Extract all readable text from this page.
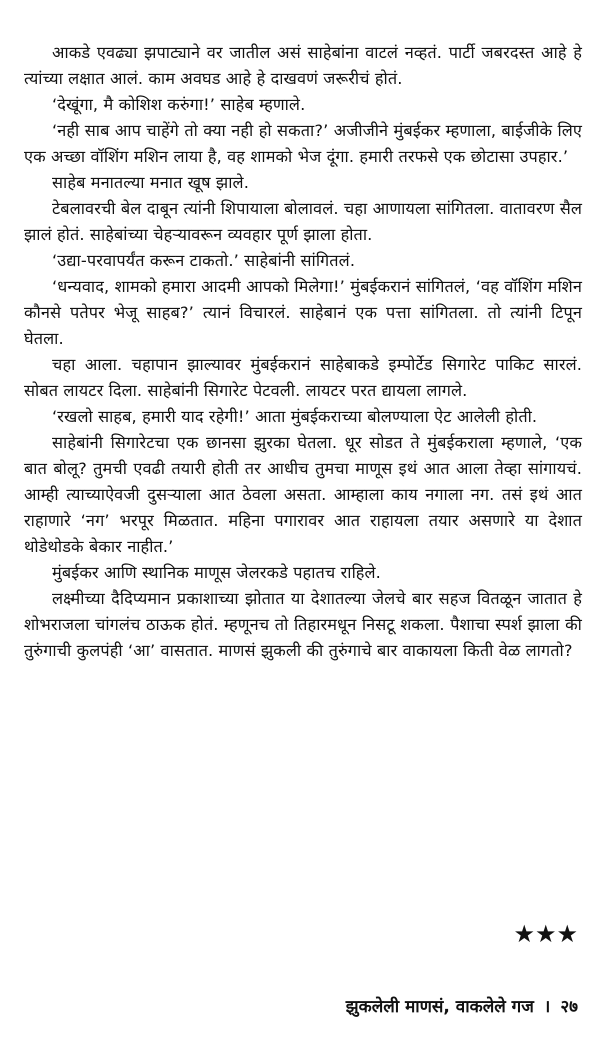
आकडे एवढ्या झपाट्याने वर जातील असं साहेबांना वाटलं नव्हतं. पार्टी जबरदस्त आहे हे त्यांच्या लक्षात आलं. काम अवघड आहे हे दाखवणं जरूरीचं होतं.

‘देखूंगा, मै कोशिश करुंगा!’ साहेब म्हणाले.

‘नही साब आप चाहेंगे तो क्या नही हो सकता?’ अजीजीने मुंबईकर म्हणाला, बाईजीके लिए एक अच्छा वॉशिंग मशिन लाया है, वह शामको भेज दूंगा. हमारी तरफसे एक छोटासा उपहार.’

साहेब मनातल्या मनात खूष झाले.

टेबलावरची बेल दाबून त्यांनी शिपायाला बोलावलं. चहा आणायला सांगितला. वातावरण सैल झालं होतं. साहेबांच्या चेहऱ्यावरून व्यवहार पूर्ण झाला होता.

‘उद्या-परवापर्यंत करून टाकतो.’ साहेबांनी सांगितलं.

‘धन्यवाद, शामको हमारा आदमी आपको मिलेगा!’ मुंबईकरानं सांगितलं, ‘वह वॉशिंग मशिन कौनसे पतेपर भेजू साहब?’ त्यानं विचारलं. साहेबानं एक पत्ता सांगितला. तो त्यांनी टिपून घेतला.

चहा आला. चहापान झाल्यावर मुंबईकरानं साहेबाकडे इम्पोर्टेड सिगारेट पाकिट सारलं. सोबत लायटर दिला. साहेबांनी सिगारेट पेटवली. लायटर परत द्यायला लागले.

‘रखलो साहब, हमारी याद रहेगी!’ आता मुंबईकराच्या बोलण्याला ऐट आलेली होती.

साहेबांनी सिगारेटचा एक छानसा झुरका घेतला. धूर सोडत ते मुंबईकराला म्हणाले, ‘एक बात बोलू? तुमची एवढी तयारी होती तर आधीच तुमचा माणूस इथं आत आला तेव्हा सांगायचं. आम्ही त्याच्याऐवजी दुसऱ्याला आत ठेवला असता. आम्हाला काय नगाला नग. तसं इथं आत राहाणारे ‘नग’ भरपूर मिळतात. महिना पगारावर आत राहायला तयार असणारे या देशात थोडेथोडके बेकार नाहीत.’

मुंबईकर आणि स्थानिक माणूस जेलरकडे पहातच राहिले.

लक्ष्मीच्या दैदिप्यमान प्रकाशाच्या झोतात या देशातल्या जेलचे बार सहज वितळून जातात हे शोभराजला चांगलंच ठाऊक होतं. म्हणूनच तो तिहारमधून निसटू शकला. पैशाचा स्पर्श झाला की तुरुंगाची कुलपंही ‘आ’ वासतात. माणसं झुकली की तुरुंगाचे बार वाकायला किती वेळ लागतो?

★★★
झुकलेली माणसं, वाकलेले गज । २७
